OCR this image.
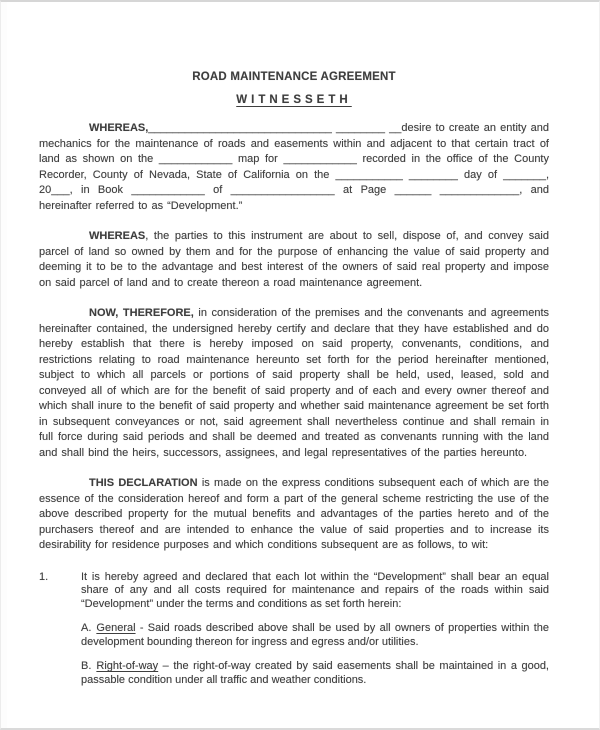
ROAD MAINTENANCE AGREEMENT
WITNESSETH

WHEREAS,______________________________ ________ __desire to create an entity and mechanics for the maintenance of roads and easements within and adjacent to that certain tract of land as shown on the ____________ map for ____________ recorded in the office of the County Recorder, County of Nevada, State of California on the ___________ ________ day of _______, 20___, in Book ____________ of _________________ at Page ______ _____________, and hereinafter referred to as “Development.”

WHEREAS, the parties to this instrument are about to sell, dispose of, and convey said parcel of land so owned by them and for the purpose of enhancing the value of said property and deeming it to be to the advantage and best interest of the owners of said real property and impose on said parcel of land and to create thereon a road maintenance agreement.

NOW, THEREFORE, in consideration of the premises and the convenants and agreements hereinafter contained, the undersigned hereby certify and declare that they have established and do hereby establish that there is hereby imposed on said property, convenants, conditions, and restrictions relating to road maintenance hereunto set forth for the period hereinafter mentioned, subject to which all parcels or portions of said property shall be held, used, leased, sold and conveyed all of which are for the benefit of said property and of each and every owner thereof and which shall inure to the benefit of said property and whether said maintenance agreement be set forth in subsequent conveyances or not, said agreement shall nevertheless continue and shall remain in full force during said periods and shall be deemed and treated as convenants running with the land and shall bind the heirs, successors, assignees, and legal representatives of the parties hereunto.

THIS DECLARATION is made on the express conditions subsequent each of which are the essence of the consideration hereof and form a part of the general scheme restricting the use of the above described property for the mutual benefits and advantages of the parties hereto and of the purchasers thereof and are intended to enhance the value of said properties and to increase its desirability for residence purposes and which conditions subsequent are as follows, to wit:

1.	It is hereby agreed and declared that each lot within the “Development” shall bear an equal share of any and all costs required for maintenance and repairs of the roads within said “Development” under the terms and conditions as set forth herein:
A. General - Said roads described above shall be used by all owners of properties within the development bounding thereon for ingress and egress and/or utilities.
B. Right-of-way – the right-of-way created by said easements shall be maintained in a good, passable condition under all traffic and weather conditions.
